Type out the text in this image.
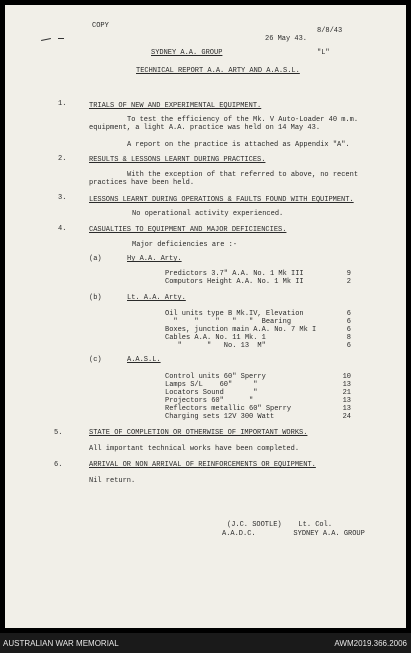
COPY
8/8/43
26 May 43.
SYDNEY A.A. GROUP	"L"
TECHNICAL REPORT A.A. ARTY AND A.A.S.L.
1.	TRIALS OF NEW AND EXPERIMENTAL EQUIPMENT.
To test the efficiency of the Mk. V Auto-Loader 40 m.m.
equipment, a light A.A. practice was held on 14 May 43.
A report on the practice is attached as Appendix "A".
2.	RESULTS & LESSONS LEARNT DURING PRACTICES.
With the exception of that referred to above, no recent
practices have been held.
3.	LESSONS LEARNT DURING OPERATIONS & FAULTS FOUND WITH EQUIPMENT.
No operational activity experienced.
4.	CASUALTIES TO EQUIPMENT AND MAJOR DEFICIENCIES.
Major deficiencies are :-
(a)	Hy A.A. Arty.
Predictors 3.7" A.A. No. 1 Mk III	9
Computors Height A.A. No. 1 Mk II	2
(b)	Lt. A.A. Arty.
Oil units type B Mk.IV, Elevation	6
"    "    "   "   "  Bearing	6
Boxes, junction main A.A. No. 7 Mk I	6
Cables A.A. No. 11 Mk. 1	8
"      "   No. 13  M"	6
(c)	A.A.S.L.
Control units 60" Sperry	10
Lamps S/L    60"     "	13
Locators Sound       "	21
Projectors 60"      "	13
Reflectors metallic 60" Sperry	13
Charging sets 12V 300 Watt	24
5.	STATE OF COMPLETION OR OTHERWISE OF IMPORTANT WORKS.
All important technical works have been completed.
6.	ARRIVAL OR NON ARRIVAL OF REINFORCEMENTS OR EQUIPMENT.
Nil return.
(J.C. SOOTLE)    Lt. Col.
A.A.D.C.         SYDNEY A.A. GROUP
AUSTRALIAN WAR MEMORIAL	AWM2019.366.2006
